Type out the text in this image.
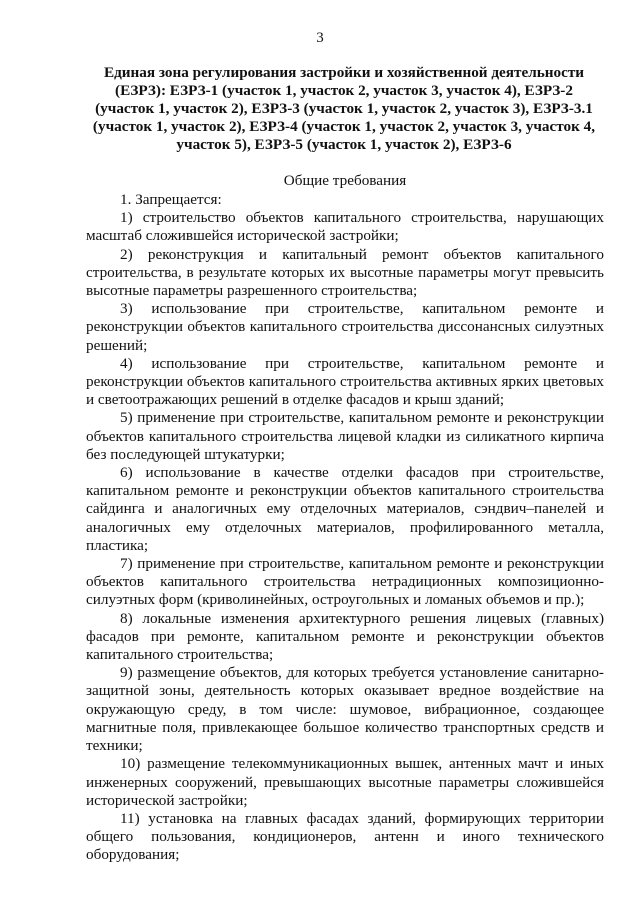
3
Единая зона регулирования застройки и хозяйственной деятельности (ЕЗРЗ): ЕЗРЗ-1 (участок 1, участок 2, участок 3, участок 4), ЕЗРЗ-2 (участок 1, участок 2), ЕЗРЗ-3 (участок 1, участок 2, участок 3), ЕЗРЗ-3.1 (участок 1, участок 2), ЕЗРЗ-4 (участок 1, участок 2, участок 3, участок 4, участок 5), ЕЗРЗ-5 (участок 1, участок 2), ЕЗРЗ-6
Общие требования

1. Запрещается:

1) строительство объектов капитального строительства, нарушающих масштаб сложившейся исторической застройки;

2) реконструкция и капитальный ремонт объектов капитального строительства, в результате которых их высотные параметры могут превысить высотные параметры разрешенного строительства;

3) использование при строительстве, капитальном ремонте и реконструкции объектов капитального строительства диссонансных силуэтных решений;

4) использование при строительстве, капитальном ремонте и реконструкции объектов капитального строительства активных ярких цветовых и светоотражающих решений в отделке фасадов и крыш зданий;

5) применение при строительстве, капитальном ремонте и реконструкции объектов капитального строительства лицевой кладки из силикатного кирпича без последующей штукатурки;

6) использование в качестве отделки фасадов при строительстве, капитальном ремонте и реконструкции объектов капитального строительства сайдинга и аналогичных ему отделочных материалов, сэндвич–панелей и аналогичных ему отделочных материалов, профилированного металла, пластика;

7) применение при строительстве, капитальном ремонте и реконструкции объектов капитального строительства нетрадиционных композиционно-силуэтных форм (криволинейных, остроугольных и ломаных объемов и пр.);

8) локальные изменения архитектурного решения лицевых (главных) фасадов при ремонте, капитальном ремонте и реконструкции объектов капитального строительства;

9) размещение объектов, для которых требуется установление санитарно-защитной зоны, деятельность которых оказывает вредное воздействие на окружающую среду, в том числе: шумовое, вибрационное, создающее магнитные поля, привлекающее большое количество транспортных средств и техники;

10) размещение телекоммуникационных вышек, антенных мачт и иных инженерных сооружений, превышающих высотные параметры сложившейся исторической застройки;

11) установка на главных фасадах зданий, формирующих территории общего пользования, кондиционеров, антенн и иного технического оборудования;
